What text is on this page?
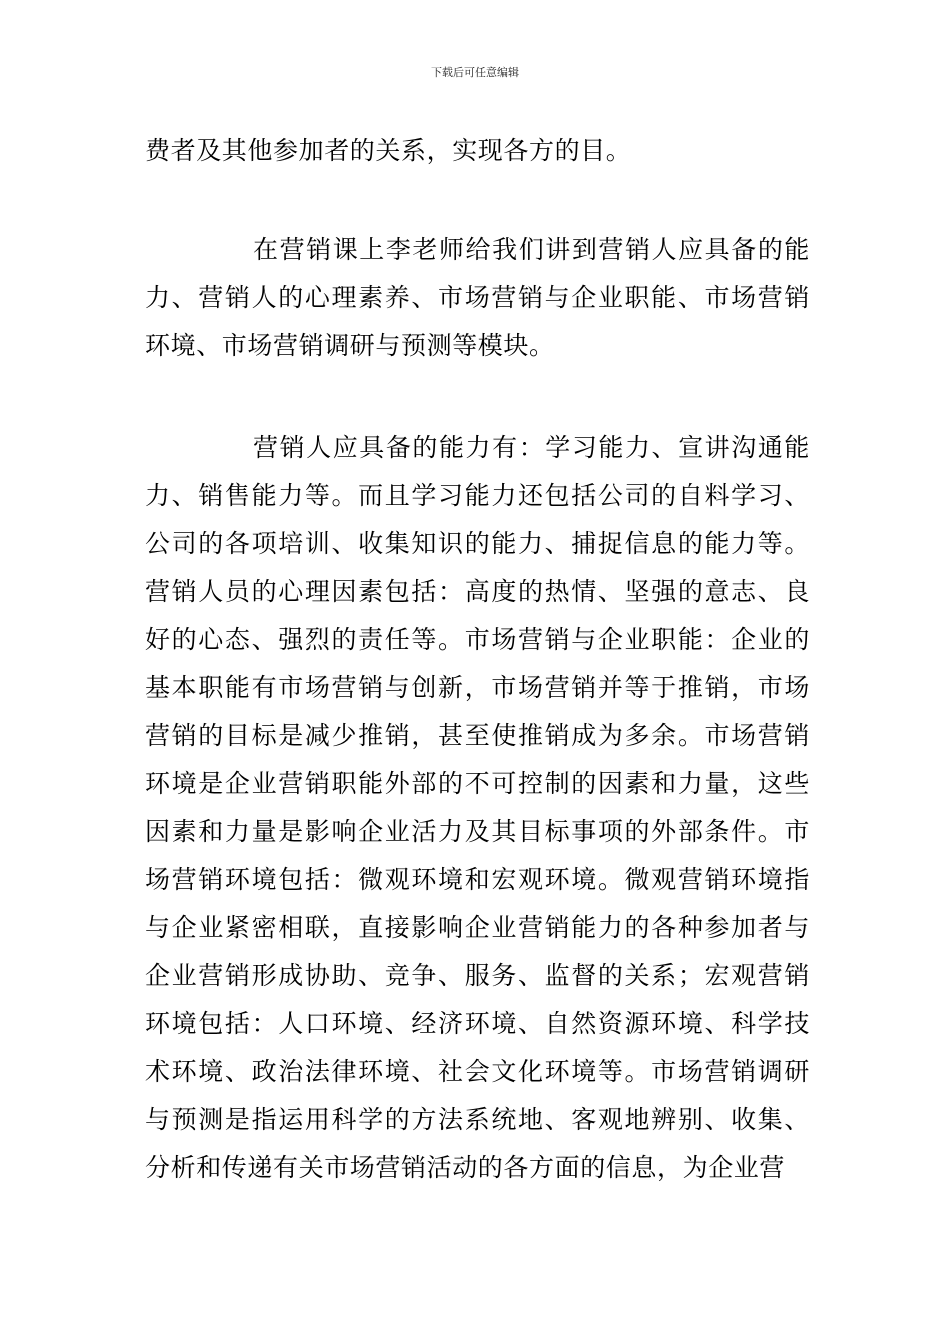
下载后可任意编辑

费者及其他参加者的关系，实现各方的目。

在营销课上李老师给我们讲到营销人应具备的能力、营销人的心理素养、市场营销与企业职能、市场营销环境、市场营销调研与预测等模块。

营销人应具备的能力有：学习能力、宣讲沟通能力、销售能力等。而且学习能力还包括公司的自料学习、公司的各项培训、收集知识的能力、捕捉信息的能力等。营销人员的心理因素包括：高度的热情、坚强的意志、良好的心态、强烈的责任等。市场营销与企业职能：企业的基本职能有市场营销与创新，市场营销并等于推销，市场营销的目标是减少推销，甚至使推销成为多余。市场营销环境是企业营销职能外部的不可控制的因素和力量，这些因素和力量是影响企业活力及其目标事项的外部条件。市场营销环境包括：微观环境和宏观环境。微观营销环境指与企业紧密相联，直接影响企业营销能力的各种参加者与企业营销形成协助、竞争、服务、监督的关系；宏观营销环境包括：人口环境、经济环境、自然资源环境、科学技术环境、政治法律环境、社会文化环境等。市场营销调研与预测是指运用科学的方法系统地、客观地辨别、收集、分析和传递有关市场营销活动的各方面的信息，为企业营
